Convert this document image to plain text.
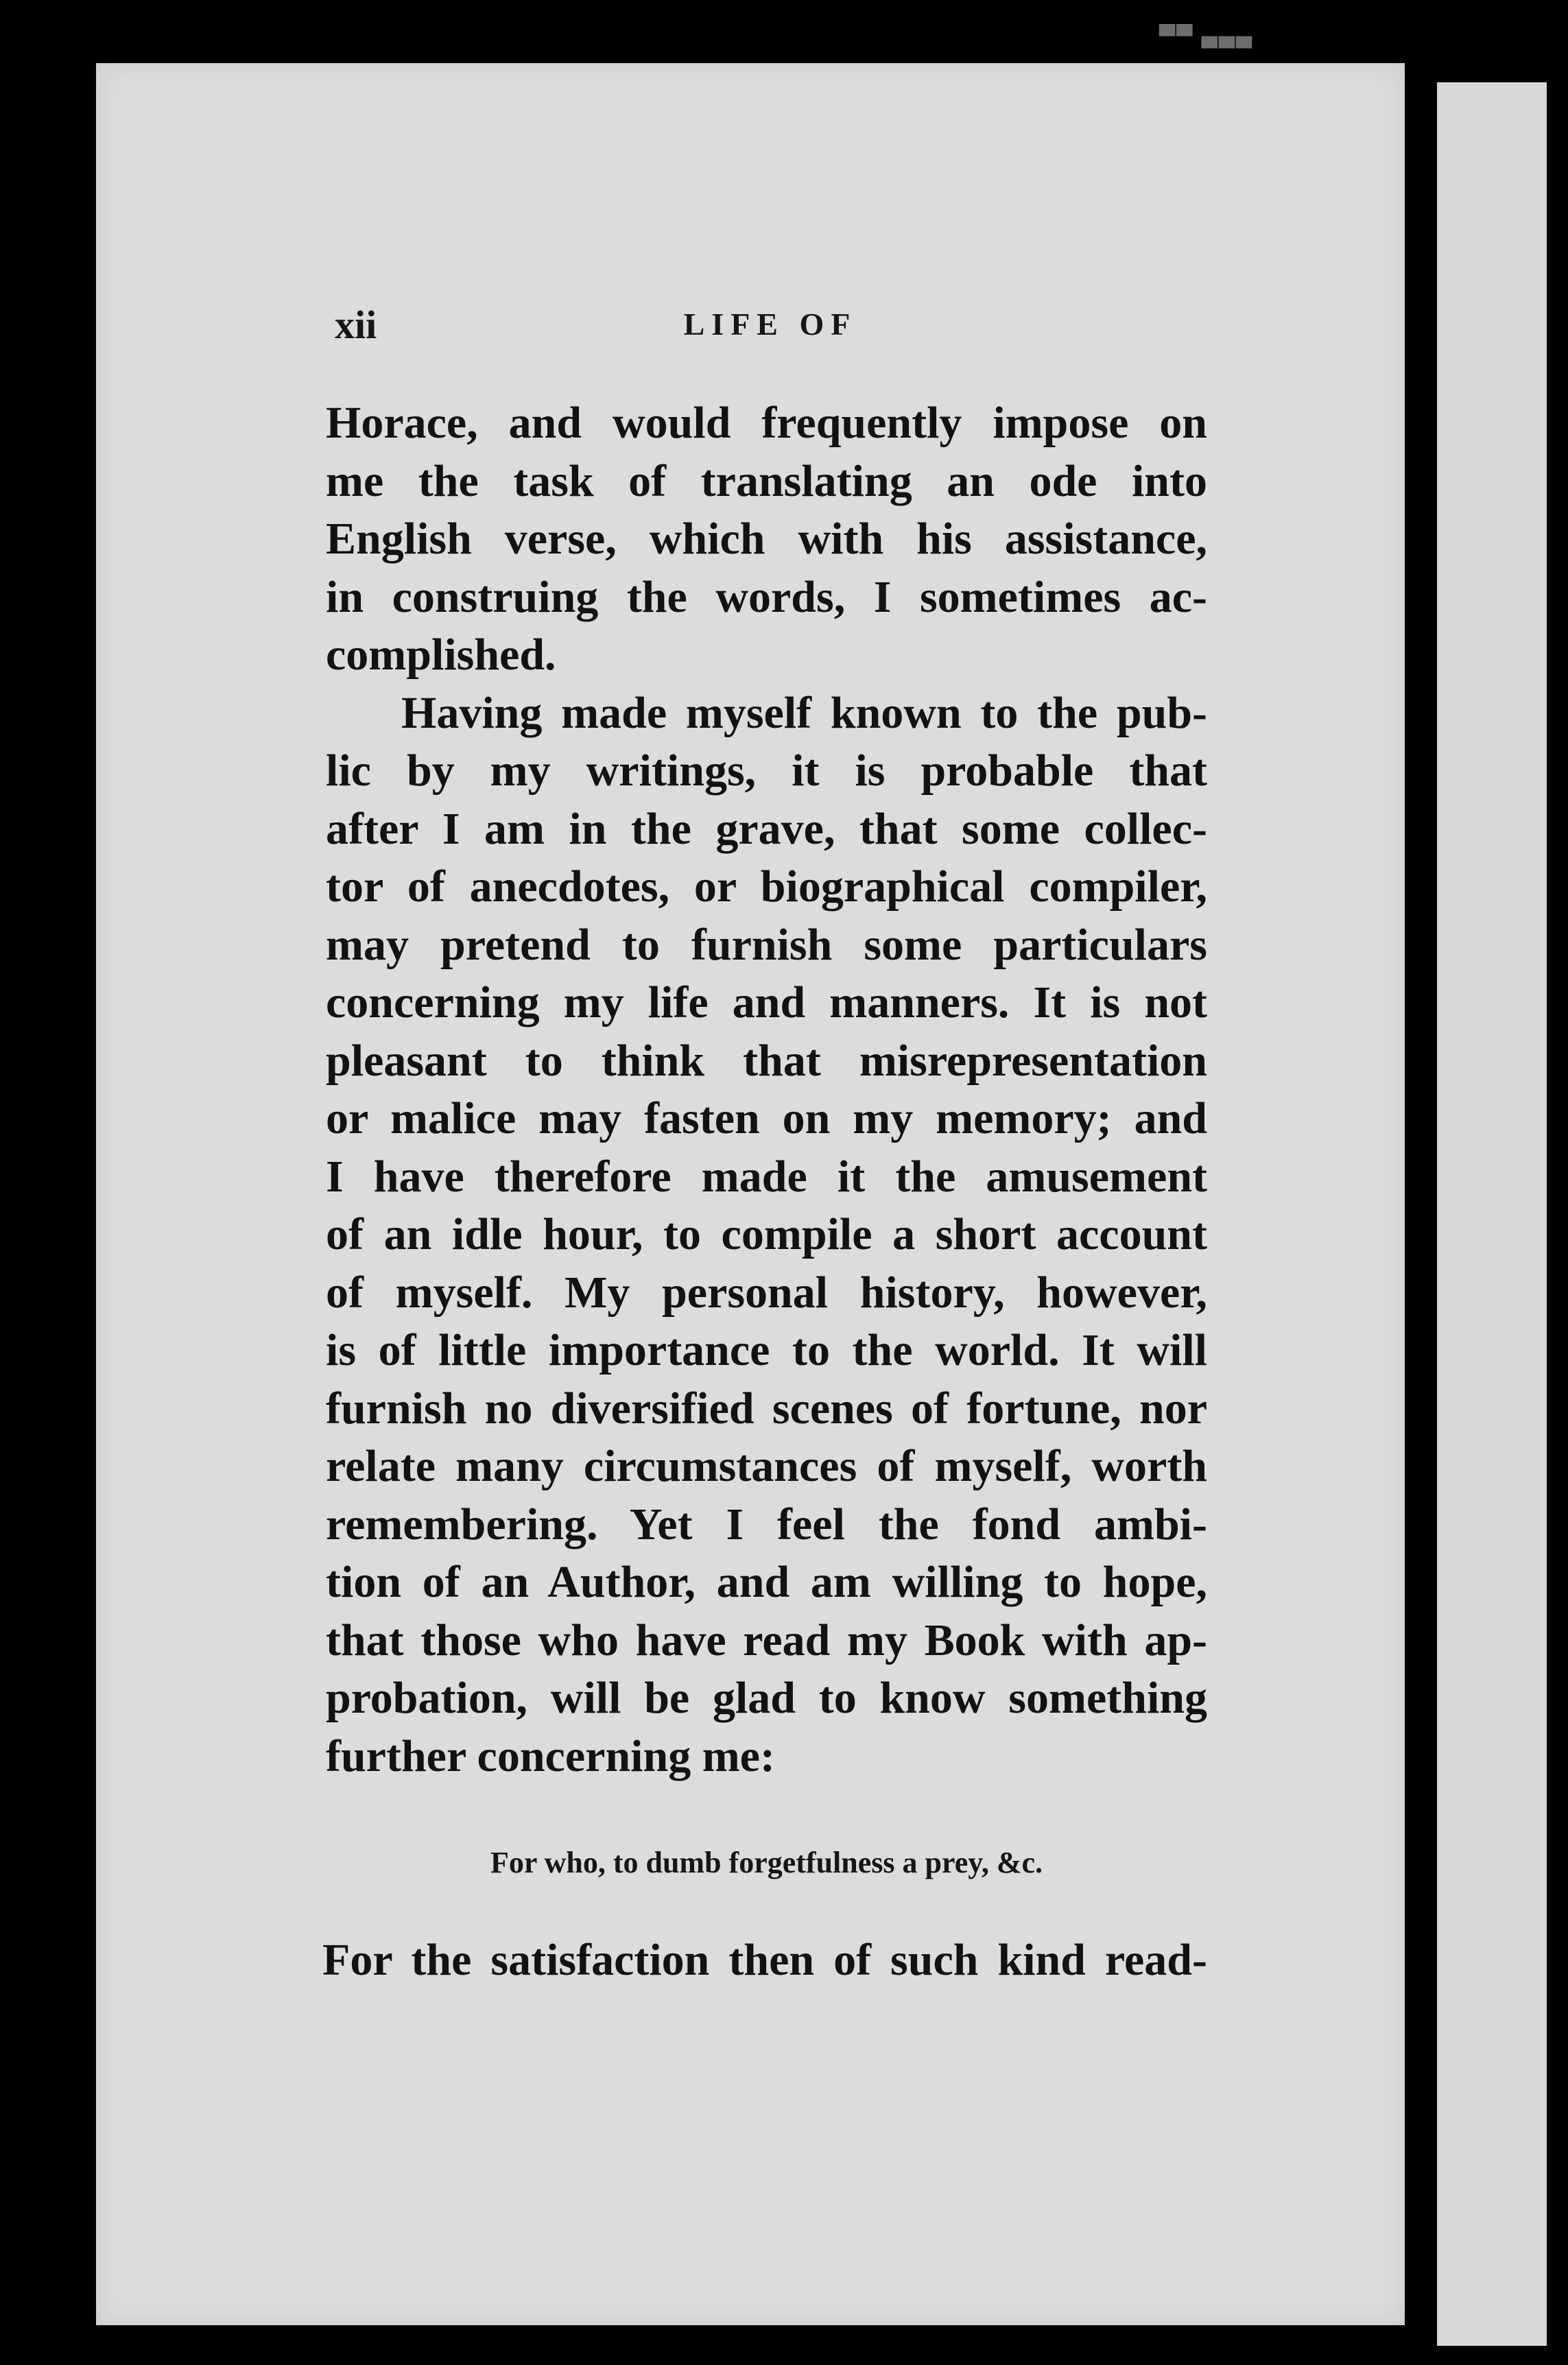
▀▀ ▄▄▄
xii	LIFE OF
Horace, and would frequently impose on
me the task of translating an ode into
English verse, which with his assistance,
in construing the words, I sometimes ac-
complished.
Having made myself known to the pub-
lic by my writings, it is probable that
after I am in the grave, that some collec-
tor of anecdotes, or biographical compiler,
may pretend to furnish some particulars
concerning my life and manners. It is not
pleasant to think that misrepresentation
or malice may fasten on my memory; and
I have therefore made it the amusement
of an idle hour, to compile a short account
of myself. My personal history, however,
is of little importance to the world. It will
furnish no diversified scenes of fortune, nor
relate many circumstances of myself, worth
remembering. Yet I feel the fond ambi-
tion of an Author, and am willing to hope,
that those who have read my Book with ap-
probation, will be glad to know something
further concerning me:
For who, to dumb forgetfulness a prey, &c.
For the satisfaction then of such kind read-
